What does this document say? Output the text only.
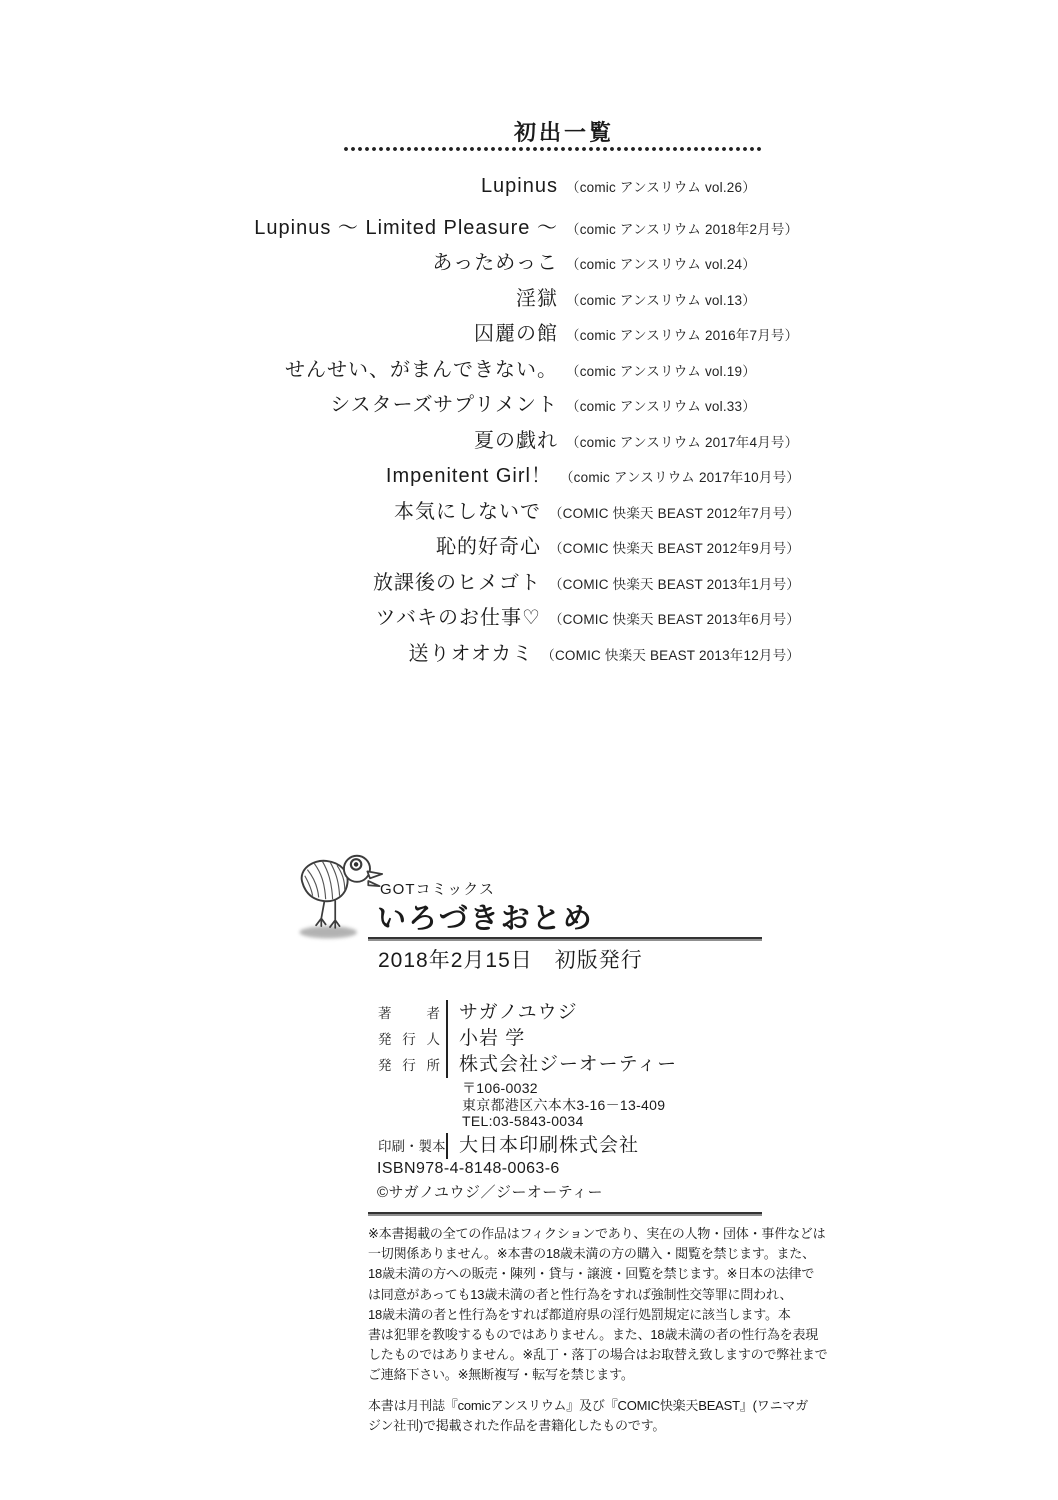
初出一覧
Lupinus （comic アンスリウム vol.26）
Lupinus ～ Limited Pleasure ～ （comic アンスリウム 2018年2月号）
あっためっこ （comic アンスリウム vol.24）
淫獄 （comic アンスリウム vol.13）
囚麗の館 （comic アンスリウム 2016年7月号）
せんせい、がまんできない。 （comic アンスリウム vol.19）
シスターズサプリメント （comic アンスリウム vol.33）
夏の戯れ （comic アンスリウム 2017年4月号）
Impenitent Girl！ （comic アンスリウム 2017年10月号）
本気にしないで （COMIC 快楽天 BEAST 2012年7月号）
恥的好奇心 （COMIC 快楽天 BEAST 2012年9月号）
放課後のヒメゴト （COMIC 快楽天 BEAST 2013年1月号）
ツバキのお仕事♡ （COMIC 快楽天 BEAST 2013年6月号）
送りオオカミ （COMIC 快楽天 BEAST 2013年12月号）
GOTコミックス
いろづきおとめ
2018年2月15日　初版発行
著　者	サガノユウジ
発 行 人	小岩 学
発 行 所	株式会社ジーオーティー
〒106-0032
東京都港区六本木3-16－13-409
TEL:03-5843-0034
印刷・製本 大日本印刷株式会社
ISBN978-4-8148-0063-6
©サガノユウジ／ジーオーティー
※本書掲載の全ての作品はフィクションであり、実在の人物・団体・事件などは
一切関係ありません。※本書の18歳未満の方の購入・閲覧を禁じます。また、
18歳未満の方への販売・陳列・貸与・譲渡・回覧を禁じます。※日本の法律で
は同意があっても13歳未満の者と性行為をすれば強制性交等罪に問われ、
18歳未満の者と性行為をすれば都道府県の淫行処罰規定に該当します。本
書は犯罪を教唆するものではありません。また、18歳未満の者の性行為を表現
したものではありません。※乱丁・落丁の場合はお取替え致しますので弊社まで
ご連絡下さい。※無断複写・転写を禁じます。
本書は月刊誌『comicアンスリウム』及び『COMIC快楽天BEAST』(ワニマガ
ジン社刊)で掲載された作品を書籍化したものです。
